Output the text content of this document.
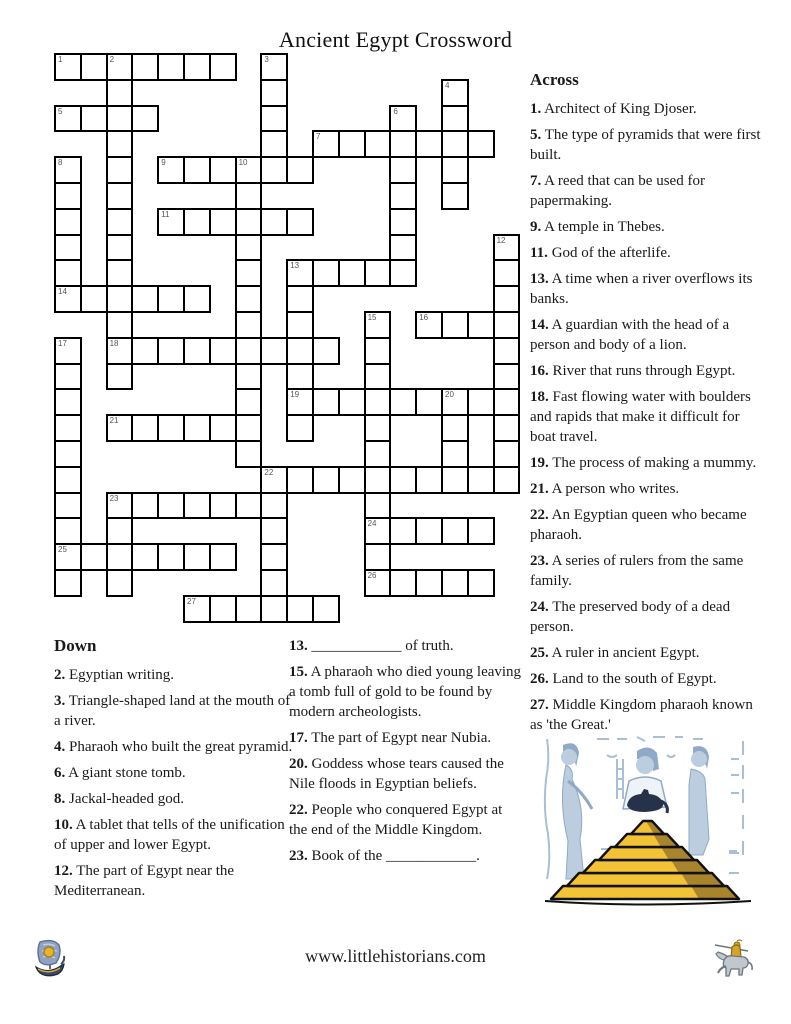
Ancient Egypt Crossword
1	2	3
4
5	6
7
8	9	10
11
12
13
14
15	16
17	18
19	20
21
22
23
24
25
26
27
Across
1. Architect of King Djoser.
5. The type of pyramids that were first built.
7. A reed that can be used for papermaking.
9. A temple in Thebes.
11. God of the afterlife.
13. A time when a river overflows its banks.
14. A guardian with the head of a person and body of a lion.
16. River that runs through Egypt.
18. Fast flowing water with boulders and rapids that make it difficult for boat travel.
19. The process of making a mummy.
21. A person who writes.
22. An Egyptian queen who became pharaoh.
23. A series of rulers from the same family.
24. The preserved body of a dead person.
25. A ruler in ancient Egypt.
26. Land to the south of Egypt.
27. Middle Kingdom pharaoh known as 'the Great.'
Down
2. Egyptian writing.
3. Triangle-shaped land at the mouth of a river.
4. Pharaoh who built the great pyramid.
6. A giant stone tomb.
8. Jackal-headed god.
10. A tablet that tells of the unification of upper and lower Egypt.
12. The part of Egypt near the Mediterranean.
13. ____________ of truth.
15. A pharaoh who died young leaving a tomb full of gold to be found by modern archeologists.
17. The part of Egypt near Nubia.
20. Goddess whose tears caused the Nile floods in Egyptian beliefs.
22. People who conquered Egypt at the end of the Middle Kingdom.
23. Book of the ____________.
www.littlehistorians.com
